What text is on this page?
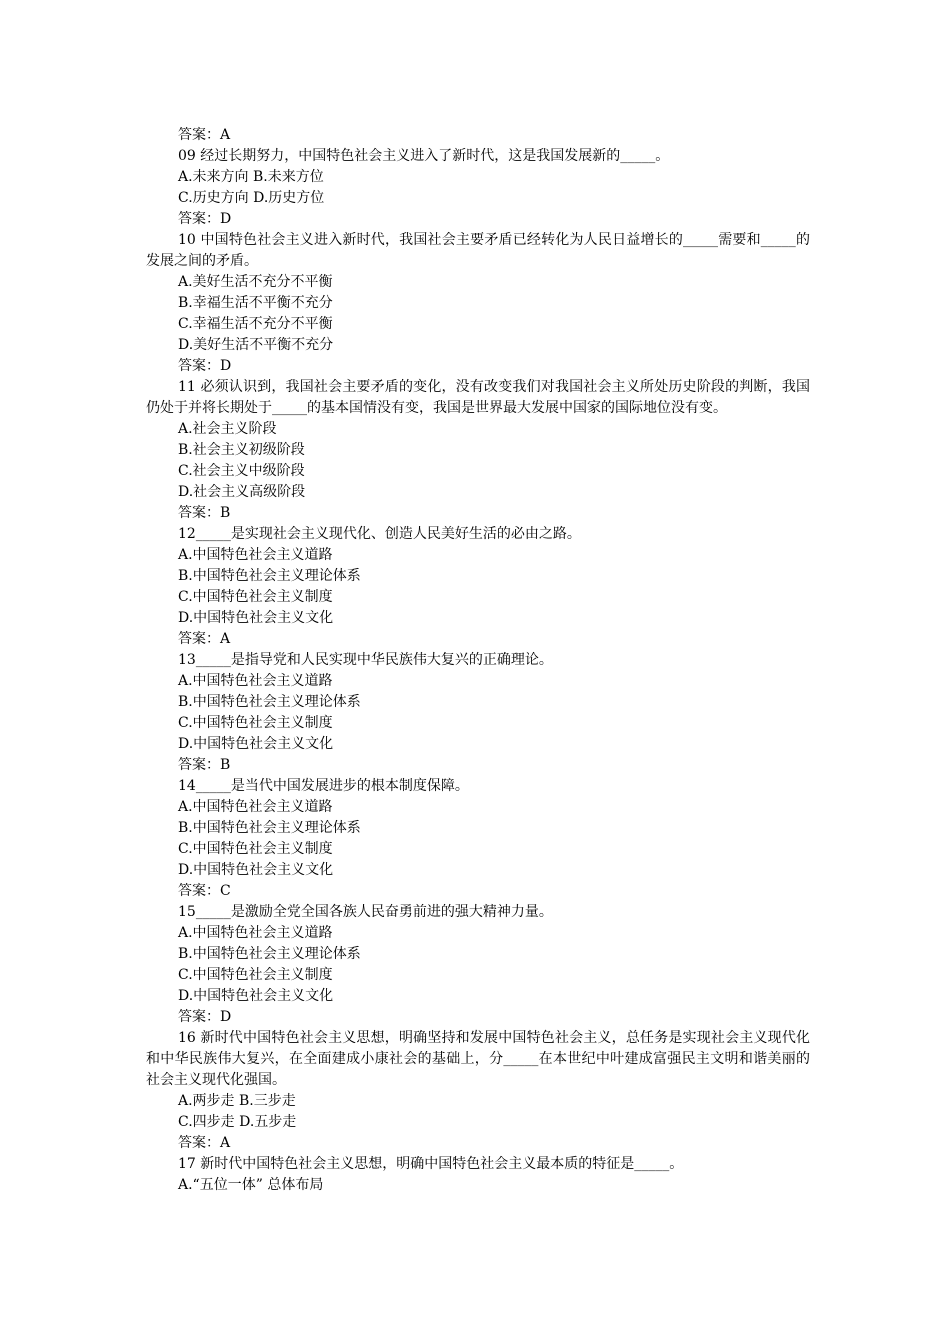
答案：A
09 经过长期努力，中国特色社会主义进入了新时代，这是我国发展新的_____。
A.未来方向 B.未来方位
C.历史方向 D.历史方位
答案：D
10 中国特色社会主义进入新时代，我国社会主要矛盾已经转化为人民日益增长的_____需要和_____的发展之间的矛盾。
A.美好生活不充分不平衡
B.幸福生活不平衡不充分
C.幸福生活不充分不平衡
D.美好生活不平衡不充分
答案：D
11 必须认识到，我国社会主要矛盾的变化，没有改变我们对我国社会主义所处历史阶段的判断，我国仍处于并将长期处于_____的基本国情没有变，我国是世界最大发展中国家的国际地位没有变。
A.社会主义阶段
B.社会主义初级阶段
C.社会主义中级阶段
D.社会主义高级阶段
答案：B
12_____是实现社会主义现代化、创造人民美好生活的必由之路。
A.中国特色社会主义道路
B.中国特色社会主义理论体系
C.中国特色社会主义制度
D.中国特色社会主义文化
答案：A
13_____是指导党和人民实现中华民族伟大复兴的正确理论。
A.中国特色社会主义道路
B.中国特色社会主义理论体系
C.中国特色社会主义制度
D.中国特色社会主义文化
答案：B
14_____是当代中国发展进步的根本制度保障。
A.中国特色社会主义道路
B.中国特色社会主义理论体系
C.中国特色社会主义制度
D.中国特色社会主义文化
答案：C
15_____是激励全党全国各族人民奋勇前进的强大精神力量。
A.中国特色社会主义道路
B.中国特色社会主义理论体系
C.中国特色社会主义制度
D.中国特色社会主义文化
答案：D
16 新时代中国特色社会主义思想，明确坚持和发展中国特色社会主义，总任务是实现社会主义现代化和中华民族伟大复兴，在全面建成小康社会的基础上，分_____在本世纪中叶建成富强民主文明和谐美丽的社会主义现代化强国。
A.两步走 B.三步走
C.四步走 D.五步走
答案：A
17 新时代中国特色社会主义思想，明确中国特色社会主义最本质的特征是_____。
A.“五位一体” 总体布局
